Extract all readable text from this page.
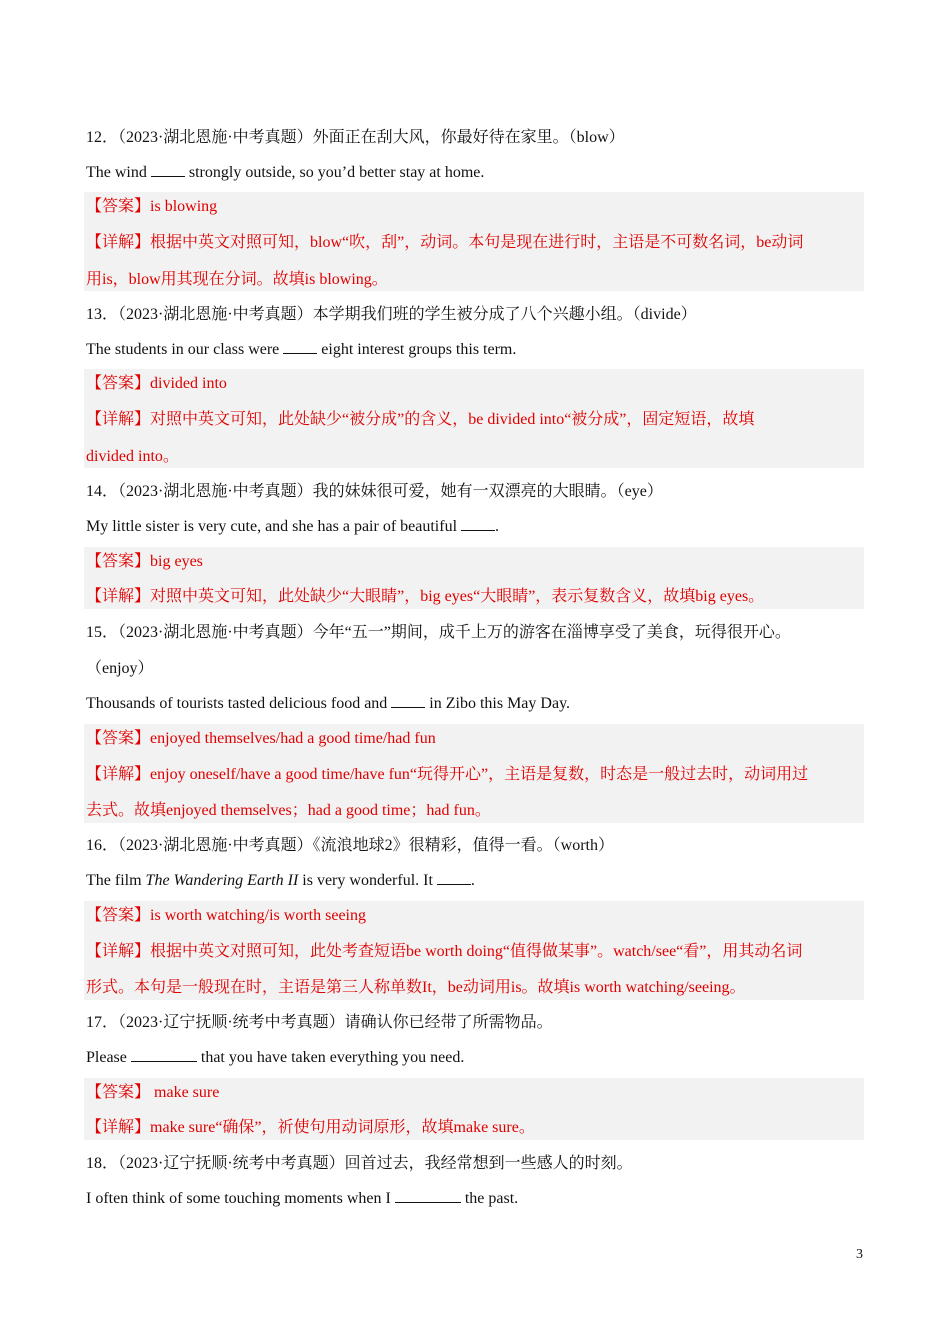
12．（2023·湖北恩施·中考真题）外面正在刮大风，你最好待在家里。（blow）
The wind  strongly outside, so you’d better stay at home.
【答案】is blowing
【详解】根据中英文对照可知，blow“吹，刮”，动词。本句是现在进行时，主语是不可数名词，be动词
用is，blow用其现在分词。故填is blowing。
13．（2023·湖北恩施·中考真题）本学期我们班的学生被分成了八个兴趣小组。（divide）
The students in our class were  eight interest groups this term.
【答案】divided into
【详解】对照中英文可知，此处缺少“被分成”的含义，be divided into“被分成”，固定短语，故填
divided into。
14．（2023·湖北恩施·中考真题）我的妹妹很可爱，她有一双漂亮的大眼睛。（eye）
My little sister is very cute, and she has a pair of beautiful .
【答案】big eyes
【详解】对照中英文可知，此处缺少“大眼睛”，big eyes“大眼睛”，表示复数含义，故填big eyes。
15．（2023·湖北恩施·中考真题）今年“五一”期间，成千上万的游客在淄博享受了美食，玩得很开心。
（enjoy）
Thousands of tourists tasted delicious food and  in Zibo this May Day.
【答案】enjoyed themselves/had a good time/had fun
【详解】enjoy oneself/have a good time/have fun“玩得开心”，主语是复数，时态是一般过去时，动词用过
去式。故填enjoyed themselves；had a good time；had fun。
16．（2023·湖北恩施·中考真题）《流浪地球2》很精彩，值得一看。（worth）
The film The Wandering Earth II is very wonderful. It .
【答案】is worth watching/is worth seeing
【详解】根据中英文对照可知，此处考查短语be worth doing“值得做某事”。watch/see“看”，用其动名词
形式。本句是一般现在时，主语是第三人称单数It，be动词用is。故填is worth watching/seeing。
17．（2023·辽宁抚顺·统考中考真题）请确认你已经带了所需物品。
Please	that you have taken everything you need.
【答案】 make sure
【详解】make sure“确保”，祈使句用动词原形，故填make sure。
18．（2023·辽宁抚顺·统考中考真题）回首过去，我经常想到一些感人的时刻。
I often think of some touching moments when I	the past.
3
